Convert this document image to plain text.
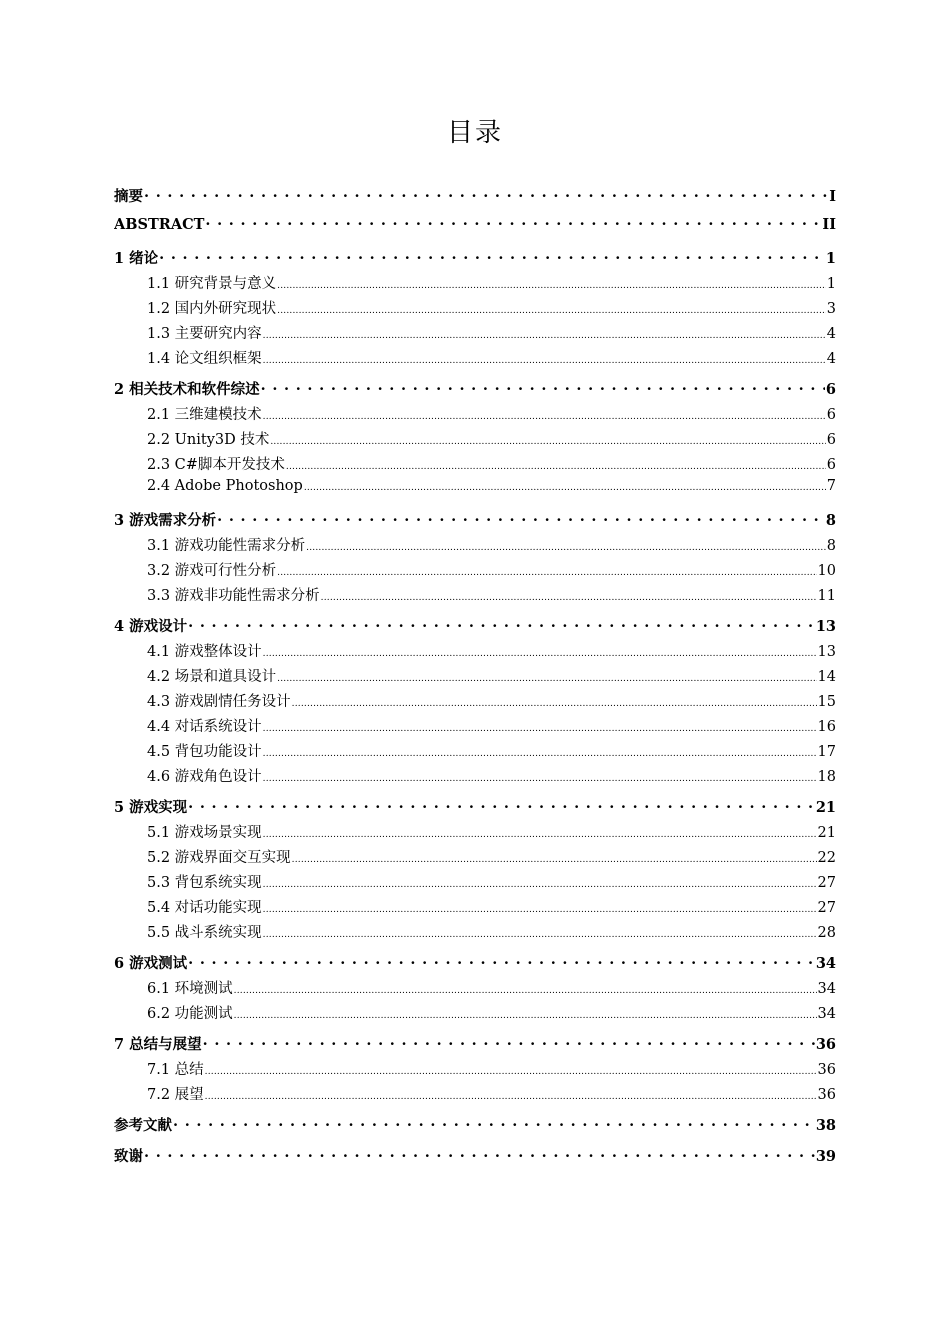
目录
摘要 · · ·	I
ABSTRACT · · ·	II
1 绪论 · · ·	1
1.1 研究背景与意义 .....	1
1.2 国内外研究现状 .....	3
1.3 主要研究内容 .....	4
1.4 论文组织框架 .....	4
2 相关技术和软件综述 · · ·	6
2.1 三维建模技术 .....	6
2.2 Unity3D 技术 .....	6
2.3 C#脚本开发技术 .....	6
2.4 Adobe Photoshop .....	7
3 游戏需求分析 · · ·	8
3.1 游戏功能性需求分析 .....	8
3.2 游戏可行性分析 .....	10
3.3 游戏非功能性需求分析 .....	11
4 游戏设计 · · ·	13
4.1 游戏整体设计 .....	13
4.2 场景和道具设计 .....	14
4.3 游戏剧情任务设计 .....	15
4.4 对话系统设计 .....	16
4.5 背包功能设计 .....	17
4.6 游戏角色设计 .....	18
5 游戏实现 · · ·	21
5.1 游戏场景实现 .....	21
5.2 游戏界面交互实现 .....	22
5.3 背包系统实现 .....	27
5.4 对话功能实现 .....	27
5.5 战斗系统实现 .....	28
6 游戏测试 · · ·	34
6.1 环境测试 .....	34
6.2 功能测试 .....	34
7 总结与展望 · · ·	36
7.1 总结 .....	36
7.2 展望 .....	36
参考文献 · · ·	38
致谢 · · ·	39
